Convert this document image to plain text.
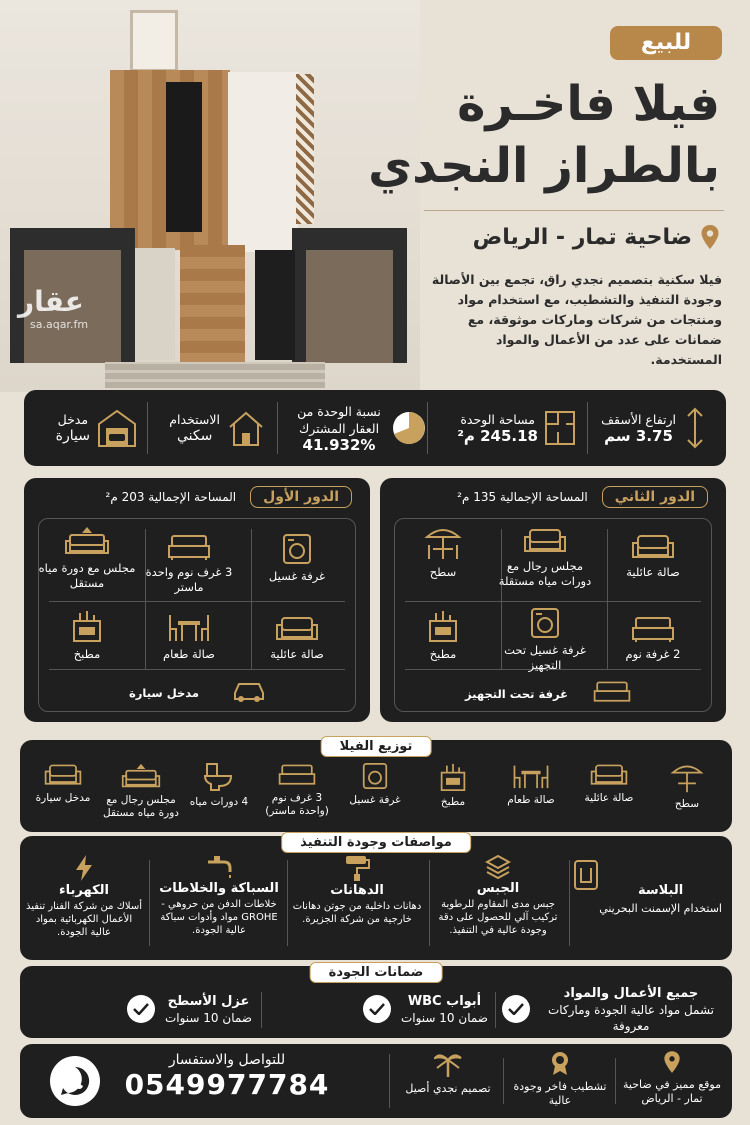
عقار
sa.aqar.fm
للبيع
فيلا فاخـرة
بالطراز النجدي
ضاحية تمار - الرياض
فيلا سكنية بتصميم نجدي راق، تجمع بين الأصالة وجودة التنفيذ والتشطيب، مع استخدام مواد ومنتجات من شركات وماركات موثوقة، مع ضمانات على عدد من الأعمال والمواد المستخدمة.
ارتفاع الأسقف
3.75 سم
مساحة الوحدة
245.18 م²
نسبة الوحدة من العقار المشترك
41.932%
الاستخدام
سكني
مدخل
سيارة
الدور الثاني
المساحة الإجمالية 135 م²
صالة عائلية
مجلس رجال مع دورات مياه مستقلة
سطح
2 غرفة نوم
غرفة غسيل تحت التجهيز
مطبخ
غرفة تحت التجهيز
الدور الأول
المساحة الإجمالية 203 م²
غرفة غسيل
3 غرف نوم واحدة ماستر
مجلس مع دورة مياه مستقل
صالة عائلية
صالة طعام
مطبخ
مدخل سيارة
توزيع الفيلا
سطح
صالة عائلية
صالة طعام
مطبخ
غرفة غسيل
3 غرف نوم (واحدة ماستر)
4 دورات مياه
مجلس رجال مع دورة مياه مستقل
مدخل سيارة
مواصفات وجودة التنفيذ
البلاسة
استخدام الإسمنت البحريني
الجبس
جبس مدى المقاوم للرطوبة تركيب آلي للحصول على دقة وجودة عالية في التنفيذ.
الدهانات
دهانات داخلية من جوتن دهانات خارجية من شركة الجزيرة.
السباكة والخلاطات
خلاطات الدفن من حروهي - GROHE مواد وأدوات سباكة عالية الجودة.
الكهرباء
أسلاك من شركة الفنار تنفيذ الأعمال الكهربائية بمواد عالية الجودة.
ضمانات الجودة
جميع الأعمال والمواد
تشمل مواد عالية الجودة وماركات معروفة
أبواب WBC
ضمان 10 سنوات
عزل الأسطح
ضمان 10 سنوات
موقع مميز في ضاحية تمار - الرياض
تشطيب فاخر وجودة عالية
تصميم نجدي أصيل
للتواصل والاستفسار
0549977784
